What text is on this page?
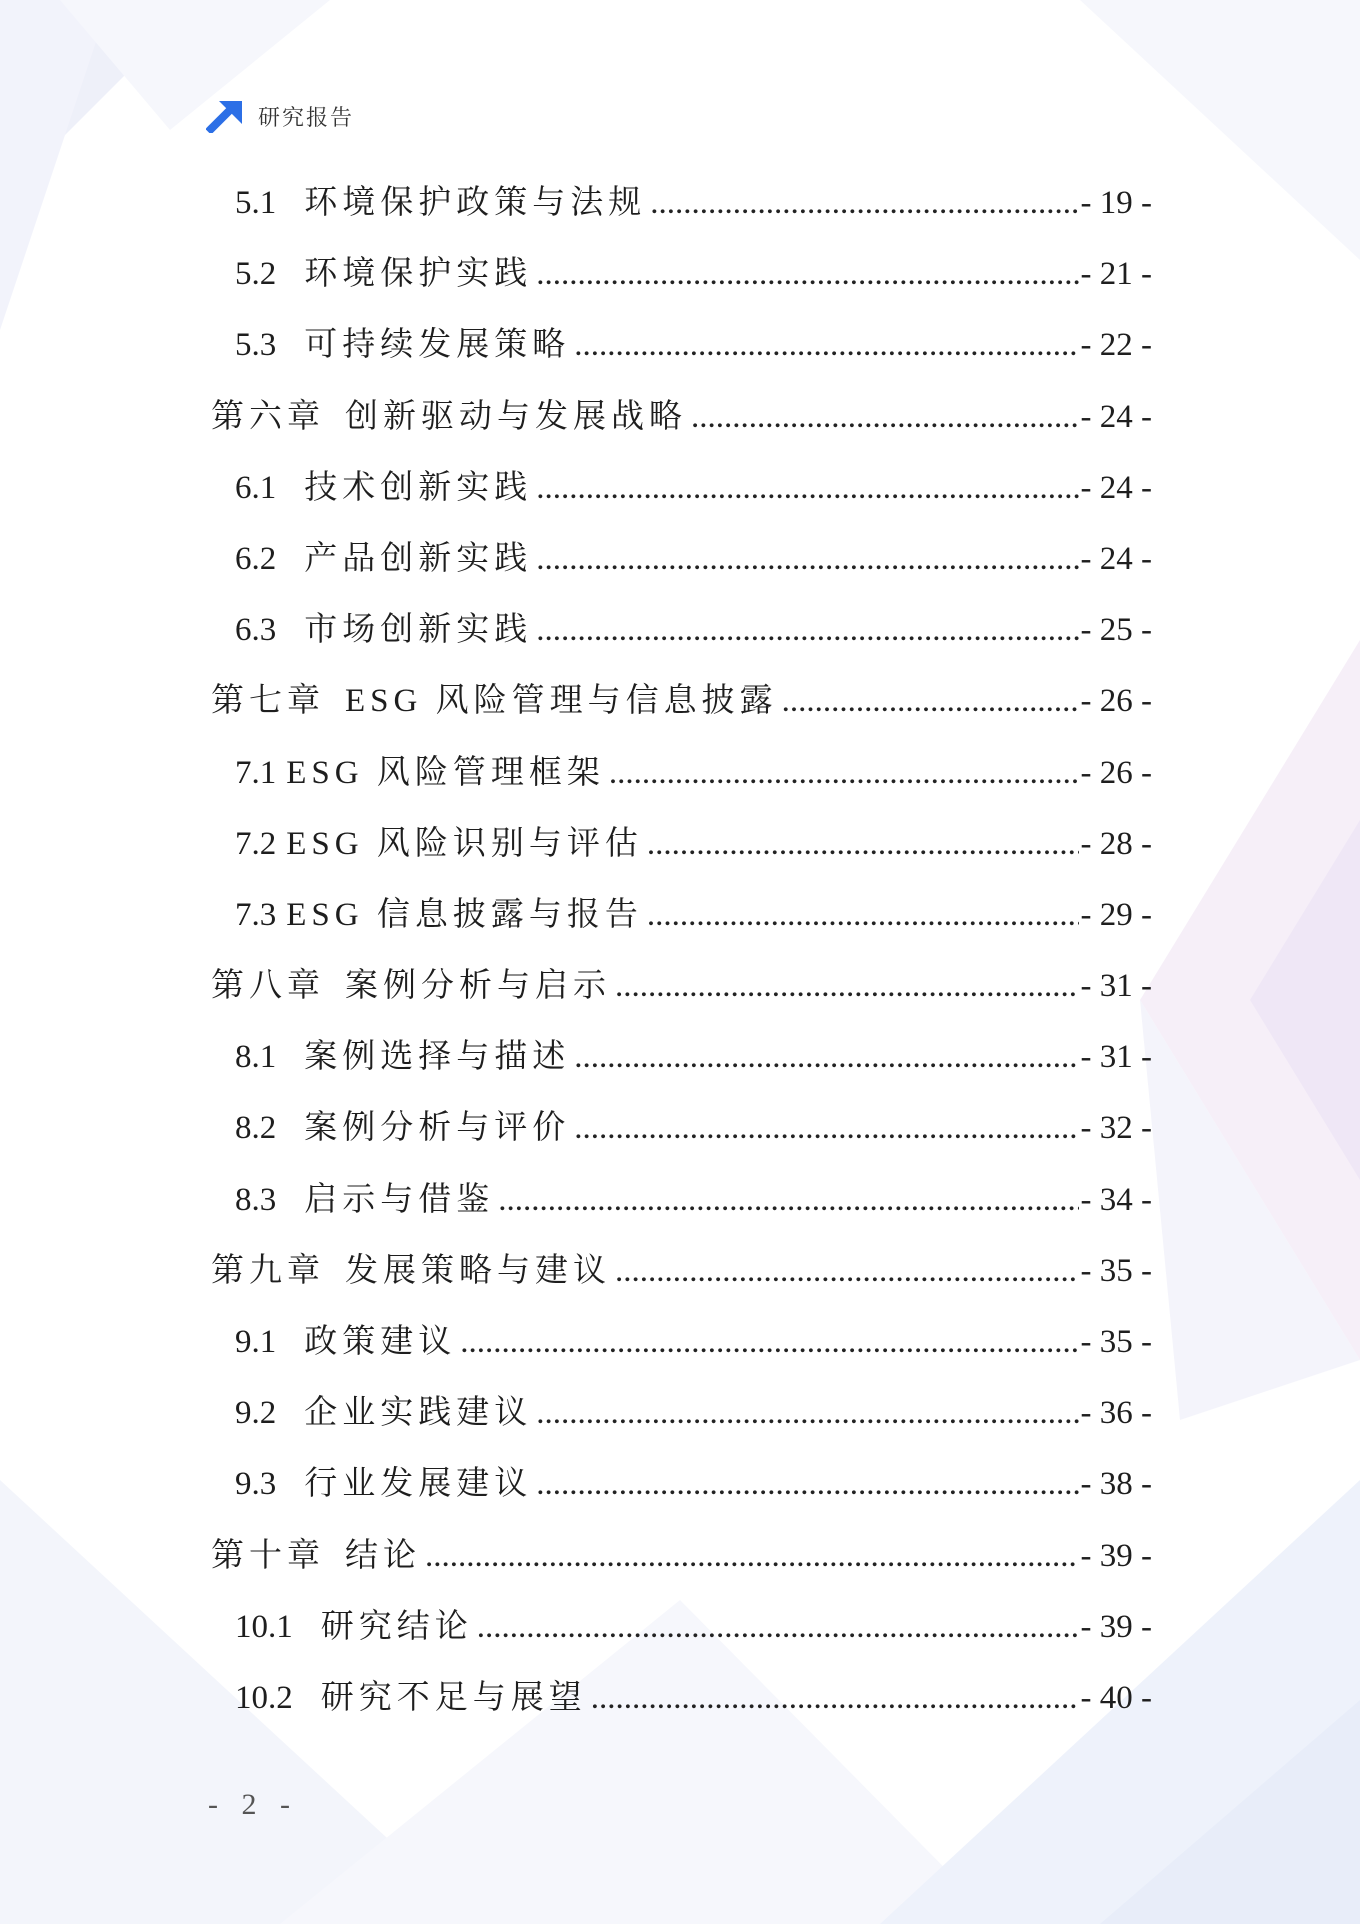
研究报告
5.1 环境保护政策与法规 .....	- 19 -
5.2 环境保护实践 .....	- 21 -
5.3 可持续发展策略 .....	- 22 -
第六章 创新驱动与发展战略 .....	- 24 -
6.1 技术创新实践 .....	- 24 -
6.2 产品创新实践 .....	- 24 -
6.3 市场创新实践 .....	- 25 -
第七章 ESG 风险管理与信息披露 .....	- 26 -
7.1 ESG 风险管理框架 .....	- 26 -
7.2 ESG 风险识别与评估 .....	- 28 -
7.3 ESG 信息披露与报告 .....	- 29 -
第八章 案例分析与启示 .....	- 31 -
8.1 案例选择与描述 .....	- 31 -
8.2 案例分析与评价 .....	- 32 -
8.3 启示与借鉴 .....	- 34 -
第九章 发展策略与建议 .....	- 35 -
9.1 政策建议 .....	- 35 -
9.2 企业实践建议 .....	- 36 -
9.3 行业发展建议 .....	- 38 -
第十章 结论 .....	- 39 -
10.1 研究结论 .....	- 39 -
10.2 研究不足与展望 .....	- 40 -
- 2 -
